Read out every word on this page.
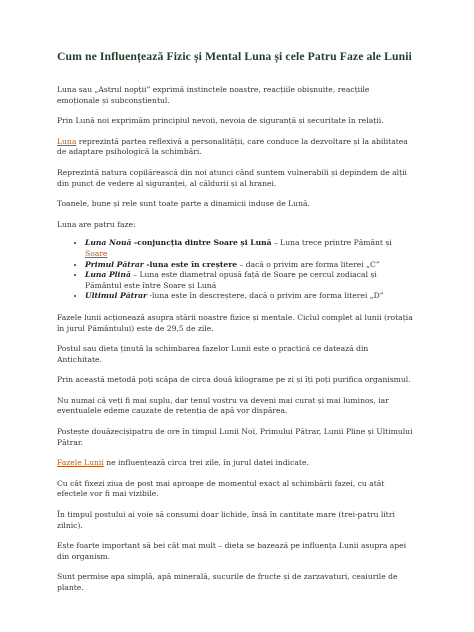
Cum ne Influențează Fizic și Mental Luna și cele Patru Faze ale Lunii

Luna sau „Astrul nopții” exprimă instinctele noastre, reacțiile obișnuite, reacțiile emoționale și subconștientul.

Prin Lună noi exprimăm principiul nevoii, nevoia de siguranță și securitate în relații.

Luna reprezintă partea reflexivă a personalității, care conduce la dezvoltare și la abilitatea de adaptare psihologică la schimbări.

Reprezintă natura copilărească din noi atunci când suntem vulnerabili și depindem de alții din punct de vedere al siguranței, al căldurii și al hranei.

Toanele, bune și rele sunt toate parte a dinamicii induse de Lună.

Luna are patru faze:

• Luna Nouă -conjuncția dintre Soare și Lună – Luna trece printre Pământ și Soare
• Primul Pătrar -luna este în creștere – dacă o privim are forma literei „C”
• Luna Plină – Luna este diametral opusă față de Soare pe cercul zodiacal și Pământul este între Soare și Lună
• Ultimul Pătrar -luna este în descreștere, dacă o privim are forma literei „D”

Fazele lunii acționează asupra stării noastre fizice și mentale. Ciclul complet al lunii (rotația în jurul Pământului) este de 29,5 de zile.

Postul sau dieta ținută la schimbarea fazelor Lunii este o practică ce datează din Antichitate.

Prin această metodă poți scăpa de circa două kilograme pe zi și îți poți purifica organismul.

Nu numai că veți fi mai suplu, dar tenul vostru va deveni mai curat și mai luminos, iar eventualele edeme cauzate de retenția de apă vor dispărea.

Postește douăzecișipatru de ore în timpul Lunii Noi, Primului Pătrar, Lunii Pline și Ultimului Pătrar.

Fazele Lunii ne influențează circa trei zile, în jurul datei indicate.

Cu cât fixezi ziua de post mai aproape de momentul exact al schimbării fazei, cu atât efectele vor fi mai vizibile.

În timpul postului ai voie să consumi doar lichide, însă în cantitate mare (trei-patru litri zilnic).

Este foarte important să bei cât mai mult – dieta se bazează pe influența Lunii asupra apei din organism.

Sunt permise apa simplă, apă minerală, sucurile de fructe și de zarzavaturi, ceaiurile de plante.
